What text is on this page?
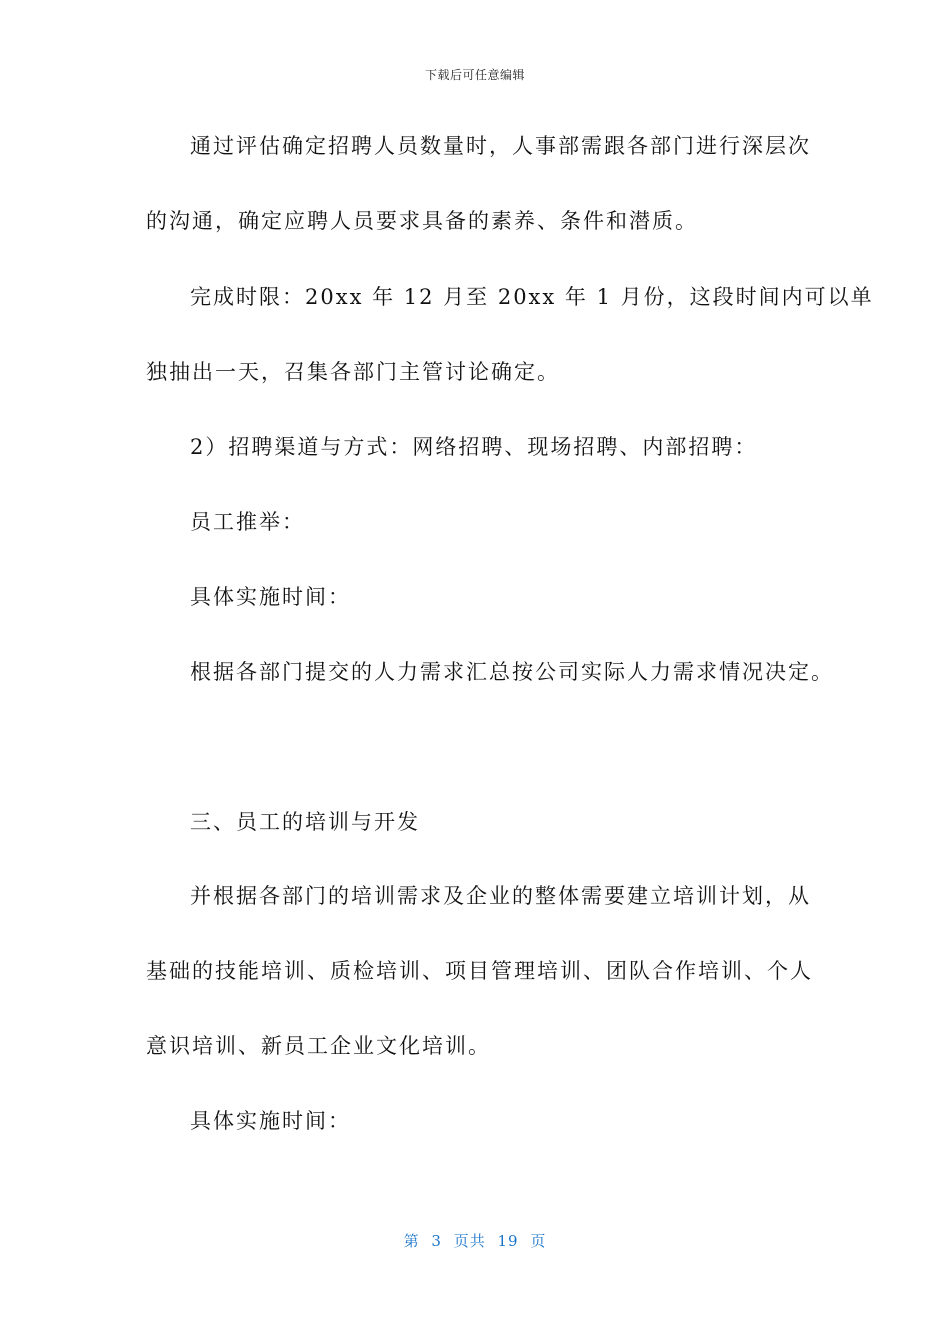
下载后可任意编辑
通过评估确定招聘人员数量时，人事部需跟各部门进行深层次
的沟通，确定应聘人员要求具备的素养、条件和潜质。
完成时限：20xx 年 12 月至 20xx 年 1 月份，这段时间内可以单
独抽出一天，召集各部门主管讨论确定。
2）招聘渠道与方式：网络招聘、现场招聘、内部招聘：
员工推举：
具体实施时间：
根据各部门提交的人力需求汇总按公司实际人力需求情况决定。
三、员工的培训与开发
并根据各部门的培训需求及企业的整体需要建立培训计划，从
基础的技能培训、质检培训、项目管理培训、团队合作培训、个人
意识培训、新员工企业文化培训。
具体实施时间：
第 3 页共 19 页
